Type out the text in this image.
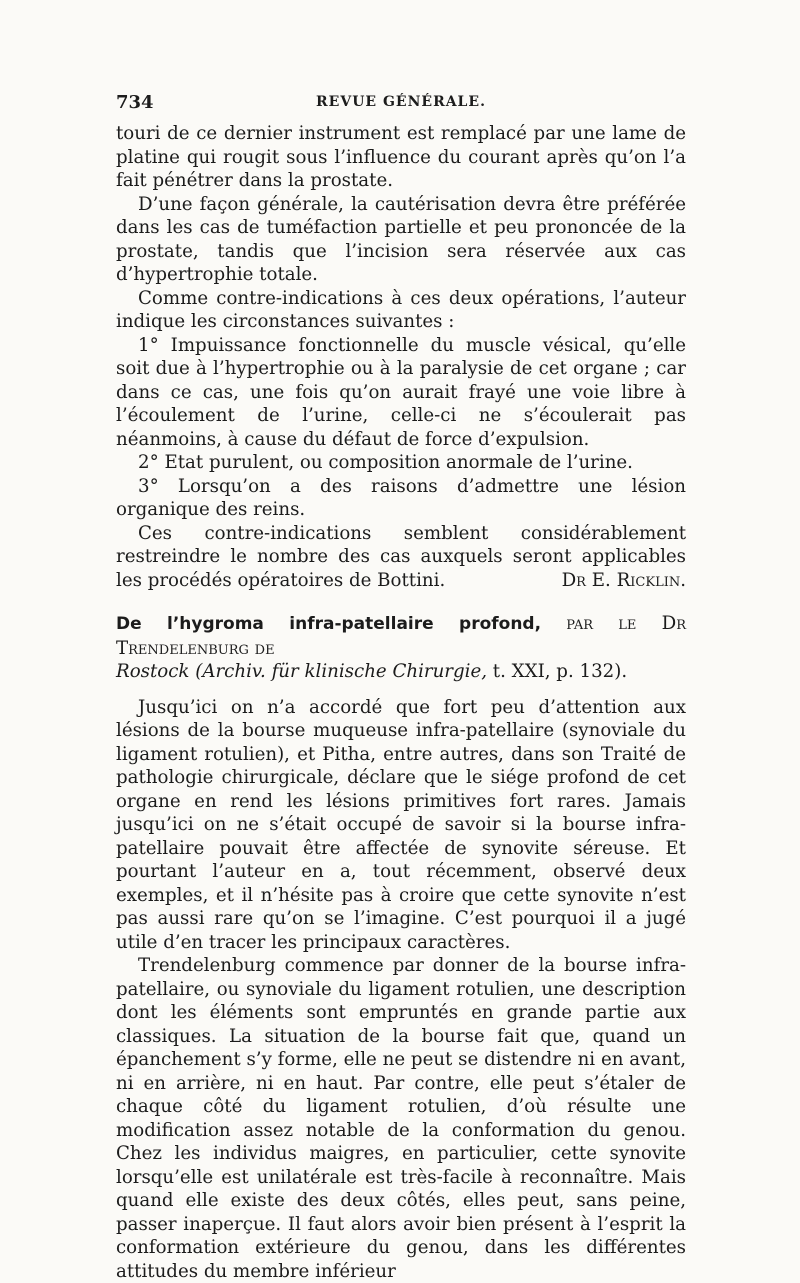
734	REVUE GÉNÉRALE.

touri de ce dernier instrument est remplacé par une lame de platine qui rougit sous l’influence du courant après qu’on l’a fait pénétrer dans la prostate.

D’une façon générale, la cautérisation devra être préférée dans les cas de tuméfaction partielle et peu prononcée de la prostate, tandis que l’incision sera réservée aux cas d’hypertrophie totale.

Comme contre-indications à ces deux opérations, l’auteur indique les circonstances suivantes :

1° Impuissance fonctionnelle du muscle vésical, qu’elle soit due à l’hypertrophie ou à la paralysie de cet organe ; car dans ce cas, une fois qu’on aurait frayé une voie libre à l’écoulement de l’urine, celle-ci ne s’écoulerait pas néanmoins, à cause du défaut de force d’expulsion.

2° Etat purulent, ou composition anormale de l’urine.

3° Lorsqu’on a des raisons d’admettre une lésion organique des reins.

Ces contre-indications semblent considérablement restreindre le nombre des cas auxquels seront applicables les procédés opératoires de Bottini.	Dr E. Ricklin.

De l’hygroma infra-patellaire profond, par le Dr Trendelenburg de

Rostock (Archiv. für klinische Chirurgie, t. XXI, p. 132).

Jusqu’ici on n’a accordé que fort peu d’attention aux lésions de la bourse muqueuse infra-patellaire (synoviale du ligament rotulien), et Pitha, entre autres, dans son Traité de pathologie chirurgicale, déclare que le siége profond de cet organe en rend les lésions primitives fort rares. Jamais jusqu’ici on ne s’était occupé de savoir si la bourse infra-patellaire pouvait être affectée de synovite séreuse. Et pourtant l’auteur en a, tout récemment, observé deux exemples, et il n’hésite pas à croire que cette synovite n’est pas aussi rare qu’on se l’imagine. C’est pourquoi il a jugé utile d’en tracer les principaux caractères.

Trendelenburg commence par donner de la bourse infra-patellaire, ou synoviale du ligament rotulien, une description dont les éléments sont empruntés en grande partie aux classiques. La situation de la bourse fait que, quand un épanchement s’y forme, elle ne peut se distendre ni en avant, ni en arrière, ni en haut. Par contre, elle peut s’étaler de chaque côté du ligament rotulien, d’où résulte une modification assez notable de la conformation du genou. Chez les individus maigres, en particulier, cette synovite lorsqu’elle est unilatérale est très-facile à reconnaître. Mais quand elle existe des deux côtés, elles peut, sans peine, passer inaperçue. Il faut alors avoir bien présent à l’esprit la conformation extérieure du genou, dans les différentes attitudes du membre inférieur
